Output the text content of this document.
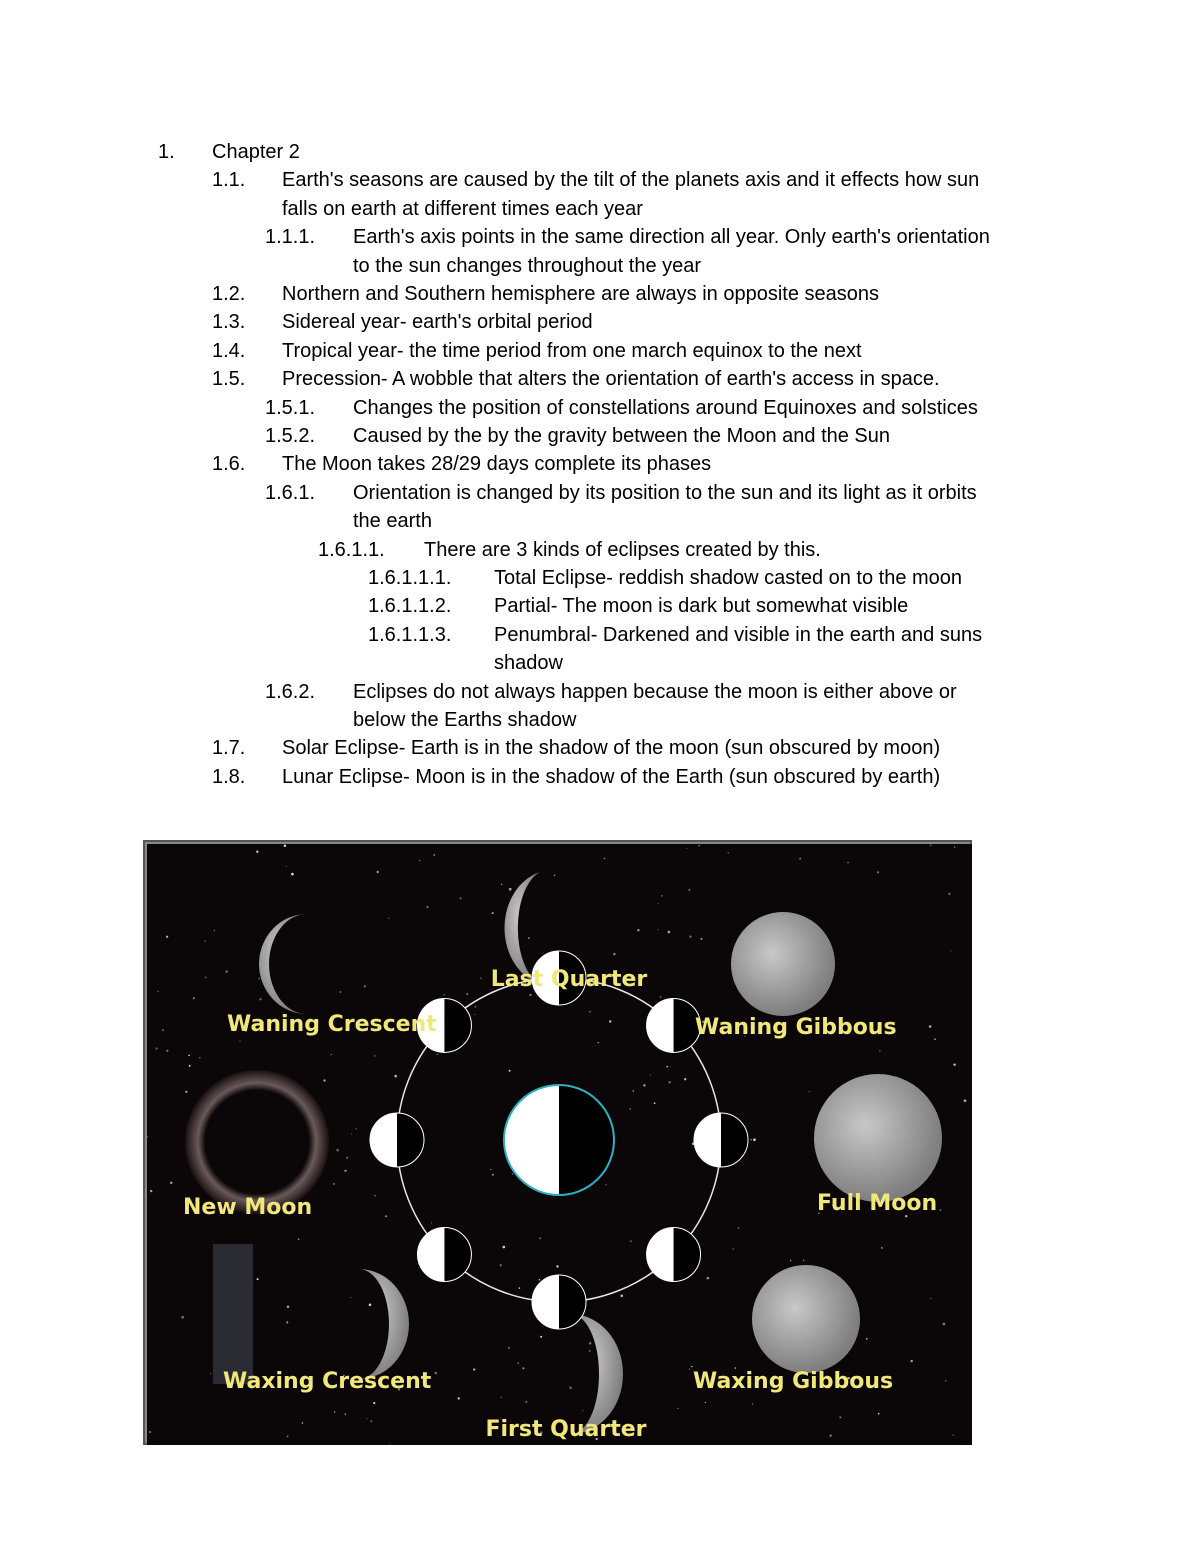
1. Chapter 2
1.1. Earth's seasons are caused by the tilt of the planets axis and it effects how sun
falls on earth at different times each year
1.1.1. Earth's axis points in the same direction all year. Only earth's orientation
to the sun changes throughout the year
1.2. Northern and Southern hemisphere are always in opposite seasons
1.3. Sidereal year- earth's orbital period
1.4. Tropical year- the time period from one march equinox to the next
1.5. Precession- A wobble that alters the orientation of earth's access in space.
1.5.1. Changes the position of constellations around Equinoxes and solstices
1.5.2. Caused by the by the gravity between the Moon and the Sun
1.6. The Moon takes 28/29 days complete its phases
1.6.1. Orientation is changed by its position to the sun and its light as it orbits
the earth
1.6.1.1. There are 3 kinds of eclipses created by this.
1.6.1.1.1. Total Eclipse- reddish shadow casted on to the moon
1.6.1.1.2. Partial- The moon is dark but somewhat visible
1.6.1.1.3. Penumbral- Darkened and visible in the earth and suns
shadow
1.6.2. Eclipses do not always happen because the moon is either above or
below the Earths shadow
1.7. Solar Eclipse- Earth is in the shadow of the moon (sun obscured by moon)
1.8. Lunar Eclipse- Moon is in the shadow of the Earth (sun obscured by earth)
Last Quarter
Waning Crescent	Waning Gibbous
New Moon	Full Moon
Waxing Crescent	Waxing Gibbous
First Quarter
